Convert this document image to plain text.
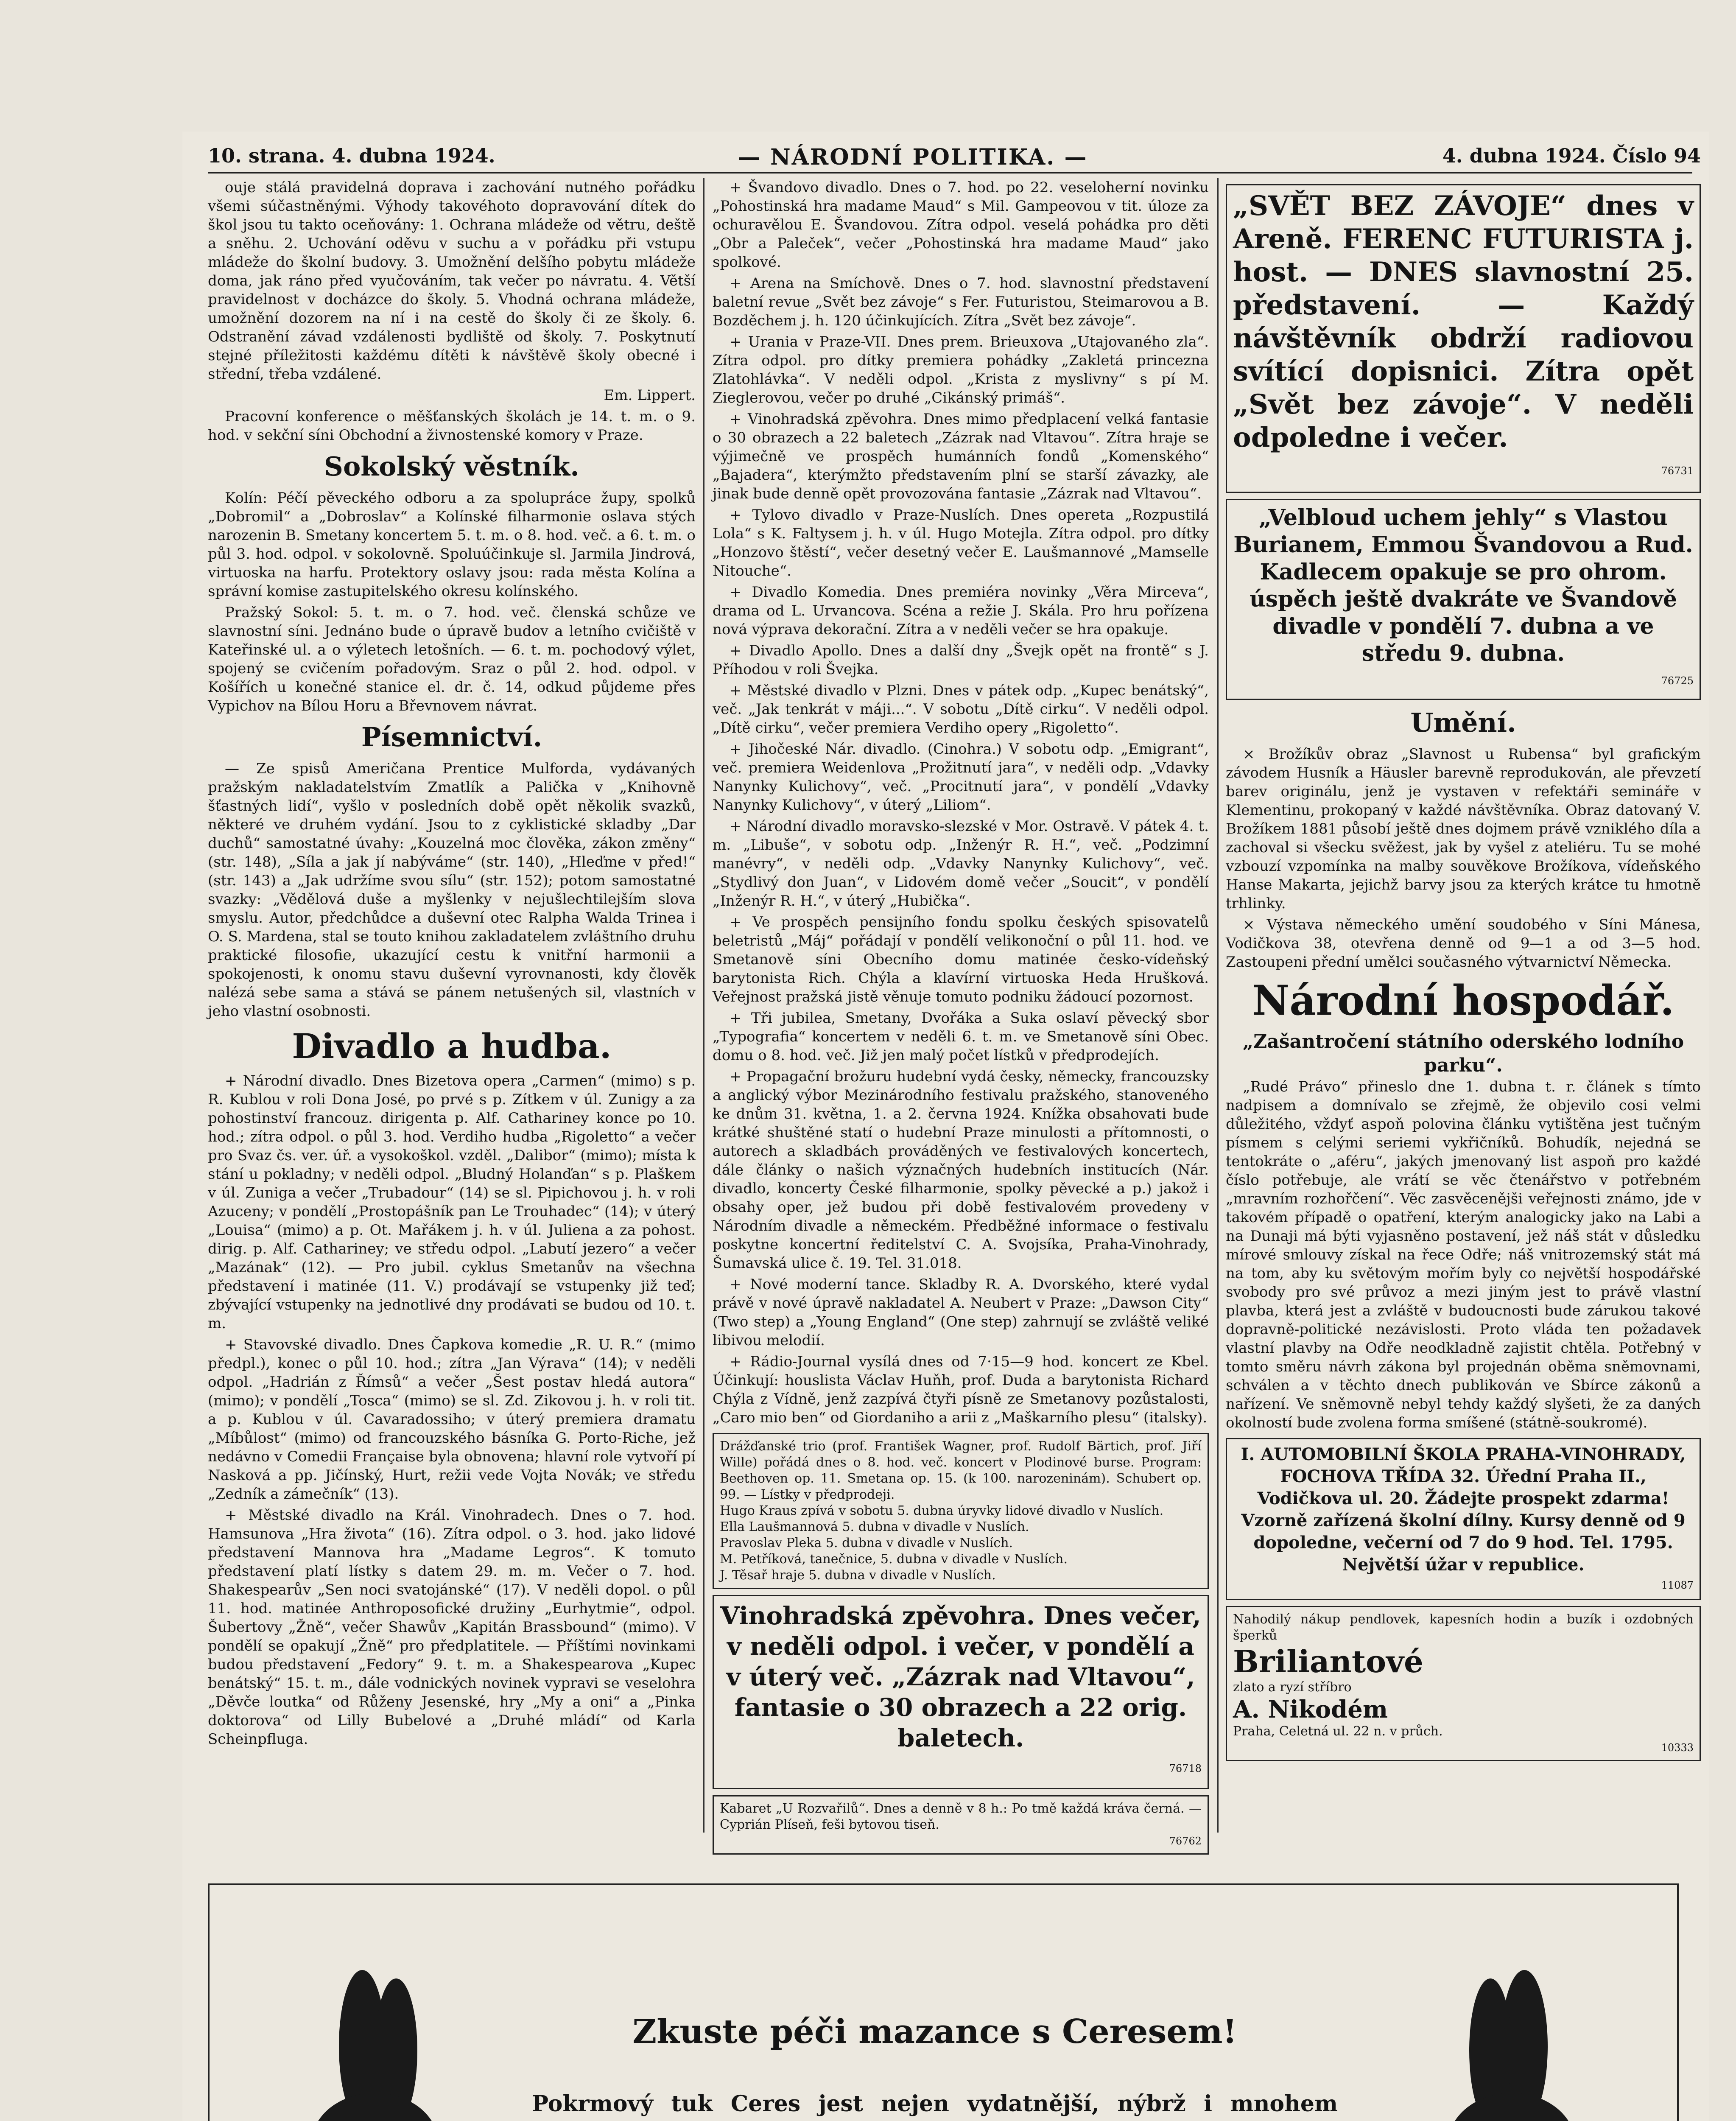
10. strana. 4. dubna 1924.	— NÁRODNÍ POLITIKA. —	4. dubna 1924. Číslo 94

ouje stálá pravidelná doprava i zachování nutného pořádku všemi súčastněnými. Výhody takovéhoto dopravování dítek do škol jsou tu takto oceňovány: 1. Ochrana mládeže od větru, deště a sněhu. 2. Uchování oděvu v suchu a v pořádku při vstupu mládeže do školní budovy. 3. Umožnění delšího pobytu mládeže doma, jak ráno před vyučováním, tak večer po návratu. 4. Větší pravidelnost v docházce do školy. 5. Vhodná ochrana mládeže, umožnění dozorem na ní i na cestě do školy či ze školy. 6. Odstranění závad vzdálenosti bydliště od školy. 7. Poskytnutí stejné příležitosti každému dítěti k návštěvě školy obecné i střední, třeba vzdálené.

Em. Lippert.

Pracovní konference o měšťanských školách je 14. t. m. o 9. hod. v sekční síni Obchodní a živnostenské komory v Praze.

Sokolský věstník.

Kolín: Péčí pěveckého odboru a za spolupráce župy, spolků „Dobromil“ a „Dobroslav“ a Kolínské filharmonie oslava stých narozenin B. Smetany koncertem 5. t. m. o 8. hod. več. a 6. t. m. o půl 3. hod. odpol. v sokolovně. Spoluúčinkuje sl. Jarmila Jindrová, virtuoska na harfu. Protektory oslavy jsou: rada města Kolína a správní komise zastupitelského okresu kolínského.

Pražský Sokol: 5. t. m. o 7. hod. več. členská schůze ve slavnostní síni. Jednáno bude o úpravě budov a letního cvičiště v Kateřinské ul. a o výletech letošních. — 6. t. m. pochodový výlet, spojený se cvičením pořadovým. Sraz o půl 2. hod. odpol. v Košířích u konečné stanice el. dr. č. 14, odkud půjdeme přes Vypichov na Bílou Horu a Břevnovem návrat.

Písemnictví.

— Ze spisů Američana Prentice Mulforda, vydávaných pražským nakladatelstvím Zmatlík a Palička v „Knihovně šťastných lidí“, vyšlo v posledních době opět několik svazků, některé ve druhém vydání. Jsou to z cyklistické skladby „Dar duchů“ samostatné úvahy: „Kouzelná moc člověka, zákon změny“ (str. 148), „Síla a jak jí nabýváme“ (str. 140), „Hleďme v před!“ (str. 143) a „Jak udržíme svou sílu“ (str. 152); potom samostatné svazky: „Vědělová duše a myšlenky v nejušlechtilejším slova smyslu. Autor, předchůdce a duševní otec Ralpha Walda Trinea i O. S. Mardena, stal se touto knihou zakladatelem zvláštního druhu praktické filosofie, ukazující cestu k vnitřní harmonii a spokojenosti, k onomu stavu duševní vyrovnanosti, kdy člověk nalézá sebe sama a stává se pánem netušených sil, vlastních v jeho vlastní osobnosti.

Divadlo a hudba.

+ Národní divadlo. Dnes Bizetova opera „Carmen“ (mimo) s p. R. Kublou v roli Dona José, po prvé s p. Zítkem v úl. Zunigy a za pohostinství francouz. dirigenta p. Alf. Cathariney konce po 10. hod.; zítra odpol. o půl 3. hod. Verdiho hudba „Rigoletto“ a večer pro Svaz čs. ver. úř. a vysokoškol. vzděl. „Dalibor“ (mimo); místa k stání u pokladny; v neděli odpol. „Bludný Holanďan“ s p. Plaškem v úl. Zuniga a večer „Trubadour“ (14) se sl. Pipichovou j. h. v roli Azuceny; v pondělí „Prostopášník pan Le Trouhadec“ (14); v úterý „Louisa“ (mimo) a p. Ot. Mařákem j. h. v úl. Juliena a za pohost. dirig. p. Alf. Cathariney; ve středu odpol. „Labutí jezero“ a večer „Mazának“ (12). — Pro jubil. cyklus Smetanův na všechna představení i matinée (11. V.) prodávají se vstupenky již teď; zbývající vstupenky na jednotlivé dny prodávati se budou od 10. t. m.

+ Stavovské divadlo. Dnes Čapkova komedie „R. U. R.“ (mimo předpl.), konec o půl 10. hod.; zítra „Jan Výrava“ (14); v neděli odpol. „Hadrián z Římsů“ a večer „Šest postav hledá autora“ (mimo); v pondělí „Tosca“ (mimo) se sl. Zd. Zikovou j. h. v roli tit. a p. Kublou v úl. Cavaradossiho; v úterý premiera dramatu „Míbůlost“ (mimo) od francouzského básníka G. Porto-Riche, jež nedávno v Comedii Française byla obnovena; hlavní role vytvoří pí Nasková a pp. Jičínský, Hurt, režii vede Vojta Novák; ve středu „Zedník a zámečník“ (13).

+ Městské divadlo na Král. Vinohradech. Dnes o 7. hod. Hamsunova „Hra života“ (16). Zítra odpol. o 3. hod. jako lidové představení Mannova hra „Madame Legros“. K tomuto představení platí lístky s datem 29. m. m. Večer o 7. hod. Shakespearův „Sen noci svatojánské“ (17). V neděli dopol. o půl 11. hod. matinée Anthroposofické družiny „Eurhytmie“, odpol. Šubertovy „Žně“, večer Shawův „Kapitán Brassbound“ (mimo). V pondělí se opakují „Žně“ pro předplatitele. — Příštími novinkami budou představení „Fedory“ 9. t. m. a Shakespearova „Kupec benátský“ 15. t. m., dále vodnických novinek vypravi se veselohra „Děvče loutka“ od Růženy Jesenské, hry „My a oni“ a „Pinka doktorova“ od Lilly Bubelové a „Druhé mládí“ od Karla Scheinpfluga.

+ Švandovo divadlo. Dnes o 7. hod. po 22. veseloherní novinku „Pohostinská hra madame Maud“ s Mil. Gampeovou v tit. úloze za ochuravělou E. Švandovou. Zítra odpol. veselá pohádka pro děti „Obr a Paleček“, večer „Pohostinská hra madame Maud“ jako spolkové.

+ Arena na Smíchově. Dnes o 7. hod. slavnostní představení baletní revue „Svět bez závoje“ s Fer. Futuristou, Steimarovou a B. Bozděchem j. h. 120 účinkujících. Zítra „Svět bez závoje“.

+ Urania v Praze-VII. Dnes prem. Brieuxova „Utajovaného zla“. Zítra odpol. pro dítky premiera pohádky „Zakletá princezna Zlatohlávka“. V neděli odpol. „Krista z myslivny“ s pí M. Zieglerovou, večer po druhé „Cikánský primáš“.

+ Vinohradská zpěvohra. Dnes mimo předplacení velká fantasie o 30 obrazech a 22 baletech „Zázrak nad Vltavou“. Zítra hraje se výjimečně ve prospěch humánních fondů „Komenského“ „Bajadera“, kterýmžto představením plní se starší závazky, ale jinak bude denně opět provozována fantasie „Zázrak nad Vltavou“.

+ Tylovo divadlo v Praze-Nuslích. Dnes opereta „Rozpustilá Lola“ s K. Faltysem j. h. v úl. Hugo Motejla. Zítra odpol. pro dítky „Honzovo štěstí“, večer desetný večer E. Laušmannové „Mamselle Nitouche“.

+ Divadlo Komedia. Dnes premiéra novinky „Věra Mirceva“, drama od L. Urvancova. Scéna a režie J. Skála. Pro hru pořízena nová výprava dekorační. Zítra a v neděli večer se hra opakuje.

+ Divadlo Apollo. Dnes a další dny „Švejk opět na frontě“ s J. Příhodou v roli Švejka.

+ Městské divadlo v Plzni. Dnes v pátek odp. „Kupec benátský“, več. „Jak tenkrát v máji...“. V sobotu „Dítě cirku“. V neděli odpol. „Dítě cirku“, večer premiera Verdiho opery „Rigoletto“.

+ Jihočeské Nár. divadlo. (Cinohra.) V sobotu odp. „Emigrant“, več. premiera Weidenlova „Prožitnutí jara“, v neděli odp. „Vdavky Nanynky Kulichovy“, več. „Procitnutí jara“, v pondělí „Vdavky Nanynky Kulichovy“, v úterý „Liliom“.

+ Národní divadlo moravsko-slezské v Mor. Ostravě. V pátek 4. t. m. „Libuše“, v sobotu odp. „Inženýr R. H.“, več. „Podzimní manévry“, v neděli odp. „Vdavky Nanynky Kulichovy“, več. „Stydlivý don Juan“, v Lidovém domě večer „Soucit“, v pondělí „Inženýr R. H.“, v úterý „Hubička“.

+ Ve prospěch pensijního fondu spolku českých spisovatelů beletristů „Máj“ pořádají v pondělí velikonoční o půl 11. hod. ve Smetanově síni Obecního domu matinée česko-vídeňský barytonista Rich. Chýla a klavírní virtuoska Heda Hrušková. Veřejnost pražská jistě věnuje tomuto podniku žádoucí pozornost.

+ Tři jubilea, Smetany, Dvořáka a Suka oslaví pěvecký sbor „Typografia“ koncertem v neděli 6. t. m. ve Smetanově síni Obec. domu o 8. hod. več. Již jen malý počet lístků v předprodejích.

+ Propagační brožuru hudební vydá česky, německy, francouzsky a anglický výbor Mezinárodního festivalu pražského, stanoveného ke dnům 31. května, 1. a 2. června 1924. Knížka obsahovati bude krátké shuštěné statí o hudební Praze minulosti a přítomnosti, o autorech a skladbách prováděných ve festivalových koncertech, dále články o našich význačných hudebních institucích (Nár. divadlo, koncerty České filharmonie, spolky pěvecké a p.) jakož i obsahy oper, jež budou při době festivalovém provedeny v Národním divadle a německém. Předběžné informace o festivalu poskytne koncertní ředitelství C. A. Svojsíka, Praha-Vinohrady, Šumavská ulice č. 19. Tel. 31.018.

+ Nové moderní tance. Skladby R. A. Dvorského, které vydal právě v nové úpravě nakladatel A. Neubert v Praze: „Dawson City“ (Two step) a „Young England“ (One step) zahrnují se zvláště veliké libivou melodií.

+ Rádio-Journal vysílá dnes od 7·15—9 hod. koncert ze Kbel. Účinkují: houslista Václav Huňh, prof. Duda a barytonista Richard Chýla z Vídně, jenž zazpívá čtyři písně ze Smetanovy pozůstalosti, „Caro mio ben“ od Giordaniho a arii z „Maškarního plesu“ (italsky).

Drážďanské trio (prof. František Wagner, prof. Rudolf Bärtich, prof. Jiří Wille) pořádá dnes o 8. hod. več. koncert v Plodinové burse. Program: Beethoven op. 11. Smetana op. 15. (k 100. narozeninám). Schubert op. 99. — Lístky v předprodeji.
Hugo Kraus zpívá v sobotu 5. dubna úryvky lidové divadlo v Nuslích.
Ella Laušmannová 5. dubna v divadle v Nuslích.
Pravoslav Pleka 5. dubna v divadle v Nuslích.
M. Petříková, tanečnice, 5. dubna v divadle v Nuslích.
J. Těsař hraje 5. dubna v divadle v Nuslích.
Vinohradská zpěvohra. Dnes večer, v neděli odpol. i večer, v pondělí a v úterý več. „Zázrak nad Vltavou“, fantasie o 30 obrazech a 22 orig. baletech.
76718
Kabaret „U Rozvařilů“. Dnes a denně v 8 h.: Po tmě každá kráva černá. — Cyprián Plíseň, feši bytovou tiseň.
76762
„SVĚT BEZ ZÁVOJE“ dnes v Areně. FERENC FUTURISTA j. host. — DNES slavnostní 25. představení. — Každý návštěvník obdrží radiovou svítící dopisnici. Zítra opět „Svět bez závoje“. V neděli odpoledne i večer.
76731
„Velbloud uchem jehly“ s Vlastou Burianem, Emmou Švandovou a Rud. Kadlecem opakuje se pro ohrom. úspěch ještě dvakráte ve Švandově divadle v pondělí 7. dubna a ve středu 9. dubna.
76725
Umění.

× Brožíkův obraz „Slavnost u Rubensa“ byl grafickým závodem Husník a Häusler barevně reprodukován, ale převzetí barev originálu, jenž je vystaven v refektáři semináře v Klementinu, prokopaný v každé návštěvníka. Obraz datovaný V. Brožíkem 1881 působí ještě dnes dojmem právě vzniklého díla a zachoval si všecku svěžest, jak by vyšel z ateliéru. Tu se mohé vzbouzí vzpomínka na malby souvěkove Brožíkova, vídeňského Hanse Makarta, jejichž barvy jsou za kterých krátce tu hmotně trhlinky.

× Výstava německého umění soudobého v Síni Mánesa, Vodičkova 38, otevřena denně od 9—1 a od 3—5 hod. Zastoupeni přední umělci současného výtvarnictví Německa.

Národní hospodář.
„Zašantročení státního oderského lodního parku“.

„Rudé Právo“ přineslo dne 1. dubna t. r. článek s tímto nadpisem a domnívalo se zřejmě, že objevilo cosi velmi důležitého, vždyť aspoň polovina článku vytištěna jest tučným písmem s celými seriemi vykřičníků. Bohudík, nejedná se tentokráte o „aféru“, jakých jmenovaný list aspoň pro každé číslo potřebuje, ale vrátí se věc čtenářstvo v potřebném „mravním rozhořčení“. Věc zasvěcenějši veřejnosti známo, jde v takovém případě o opatření, kterým analogicky jako na Labi a na Dunaji má býti vyjasněno postavení, jež náš stát v důsledku mírové smlouvy získal na řece Odře; náš vnitrozemský stát má na tom, aby ku světovým mořím byly co největší hospodářské svobody pro své průvoz a mezi jiným jest to právě vlastní plavba, která jest a zvláště v budoucnosti bude zárukou takové dopravně-politické nezávislosti. Proto vláda ten požadavek vlastní plavby na Odře neodkladně zajistit chtěla. Potřebný v tomto směru návrh zákona byl projednán oběma sněmovnami, schválen a v těchto dnech publikován ve Sbírce zákonů a nařízení. Ve sněmovně nebyl tehdy každý slyšeti, že za daných okolností bude zvolena forma smíšené (státně-soukromé).

I. AUTOMOBILNÍ ŠKOLA PRAHA-VINOHRADY, FOCHOVA TŘÍDA 32. Úřední Praha II., Vodičkova ul. 20. Žádejte prospekt zdarma! Vzorně zařízená školní dílny. Kursy denně od 9 dopoledne, večerní od 7 do 9 hod. Tel. 1795. Největší úžar v republice.
11087
Nahodilý nákup pendlovek, kapesních hodin a buzík i ozdobných šperků
Briliantové
zlato a ryzí stříbro
A. Nikodém
Praha, Celetná ul. 22 n. v průch.
10333
Zkuste péči mazance s Ceresem!
Pokrmový tuk Ceres jest nejen vydatnější, nýbrž i mnohem
